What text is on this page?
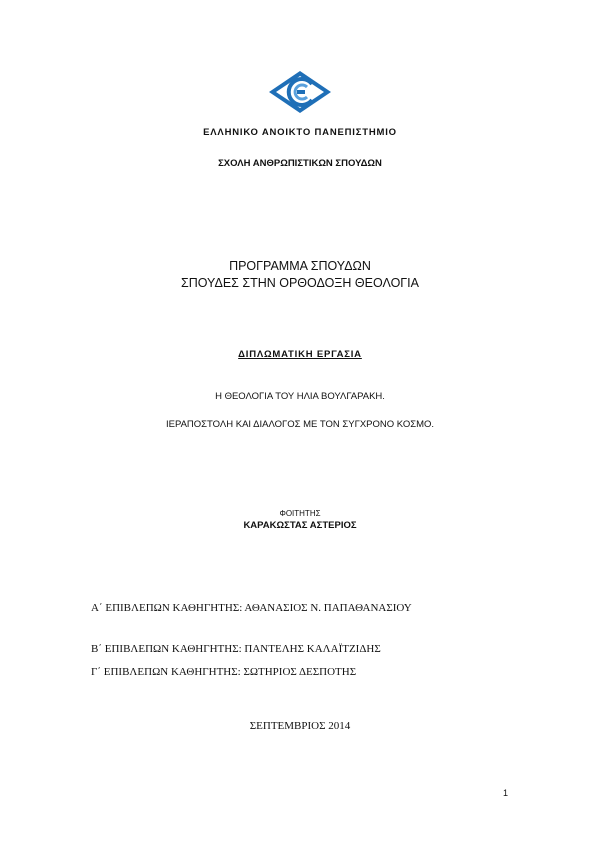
ΕΛΛΗΝΙΚΟ ΑΝΟΙΚΤΟ ΠΑΝΕΠΙΣΤΗΜΙΟ
ΣΧΟΛΗ ΑΝΘΡΩΠΙΣΤΙΚΩΝ ΣΠΟΥΔΩΝ
ΠΡΟΓΡΑΜΜΑ ΣΠΟΥΔΩΝ
ΣΠΟΥΔΕΣ ΣΤΗΝ ΟΡΘΟΔΟΞΗ ΘΕΟΛΟΓΙΑ
ΔΙΠΛΩΜΑΤΙΚΗ ΕΡΓΑΣΙΑ
Η ΘΕΟΛΟΓΙΑ ΤΟΥ ΗΛΙΑ ΒΟΥΛΓΑΡΑΚΗ.
ΙΕΡΑΠΟΣΤΟΛΗ ΚΑΙ ΔΙΑΛΟΓΟΣ ΜΕ ΤΟΝ ΣΥΓΧΡΟΝΟ ΚΟΣΜΟ.
ΦΟΙΤΗΤΗΣ
ΚΑΡΑΚΩΣΤΑΣ ΑΣΤΕΡΙΟΣ
Α΄ ΕΠΙΒΛΕΠΩΝ ΚΑΘΗΓΗΤΗΣ: ΑΘΑΝΑΣΙΟΣ Ν. ΠΑΠΑΘΑΝΑΣΙΟΥ
Β΄ ΕΠΙΒΛΕΠΩΝ ΚΑΘΗΓΗΤΗΣ: ΠΑΝΤΕΛΗΣ ΚΑΛΑΪΤΖΙΔΗΣ
Γ΄ ΕΠΙΒΛΕΠΩΝ ΚΑΘΗΓΗΤΗΣ: ΣΩΤΗΡΙΟΣ ΔΕΣΠΟΤΗΣ
ΣΕΠΤΕΜΒΡΙΟΣ 2014
1
